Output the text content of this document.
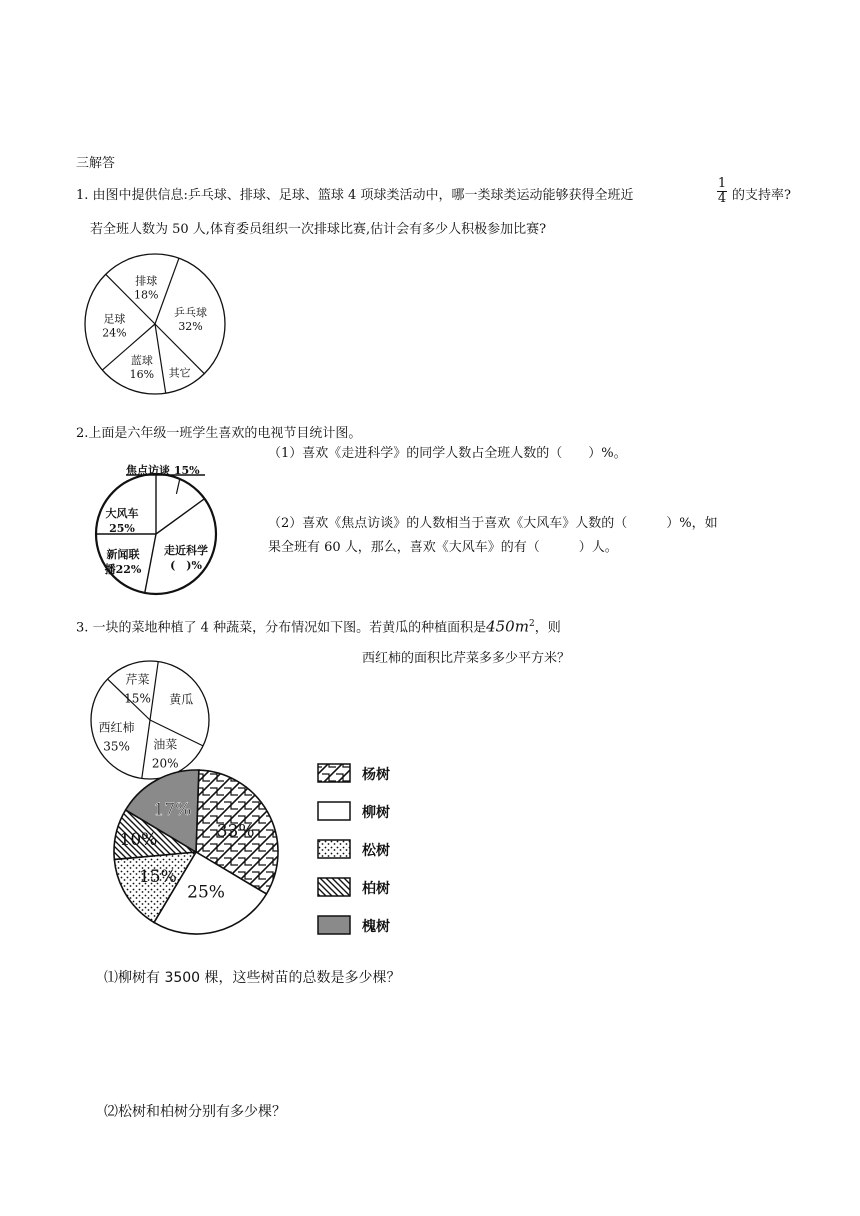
三解答
1. 由图中提供信息:乒乓球、排球、足球、篮球 4 项球类活动中，哪一类球类运动能够获得全班近
1
4 的支持率?
若全班人数为 50 人,体育委员组织一次排球比赛,估计会有多少人积极参加比赛?
2.上面是六年级一班学生喜欢的电视节目统计图。
（1）喜欢《走进科学》的同学人数占全班人数的（　　）%。
（2）喜欢《焦点访谈》的人数相当于喜欢《大风车》人数的（　　　）%，如
果全班有 60 人，那么，喜欢《大风车》的有（　　　）人。
3. 一块的菜地种植了 4 种蔬菜，分布情况如下图。若黄瓜的种植面积是$450m^2$，则
西红柿的面积比芹菜多多少平方米？
⑴柳树有 3500 棵，这些树苗的总数是多少棵？
⑵松树和柏树分别有多少棵？
乒乓球
32%
其它
蓝球
16%
足球
24%
排球
18%
焦点访谈 15%
走近科学
(　)%
新闻联
播22%
大风车
25%
黄瓜
油菜
20%
西红柿
35%
芹菜
15%
33%
25%
15%
10%
17%
杨树
柳树
松树
柏树
槐树
